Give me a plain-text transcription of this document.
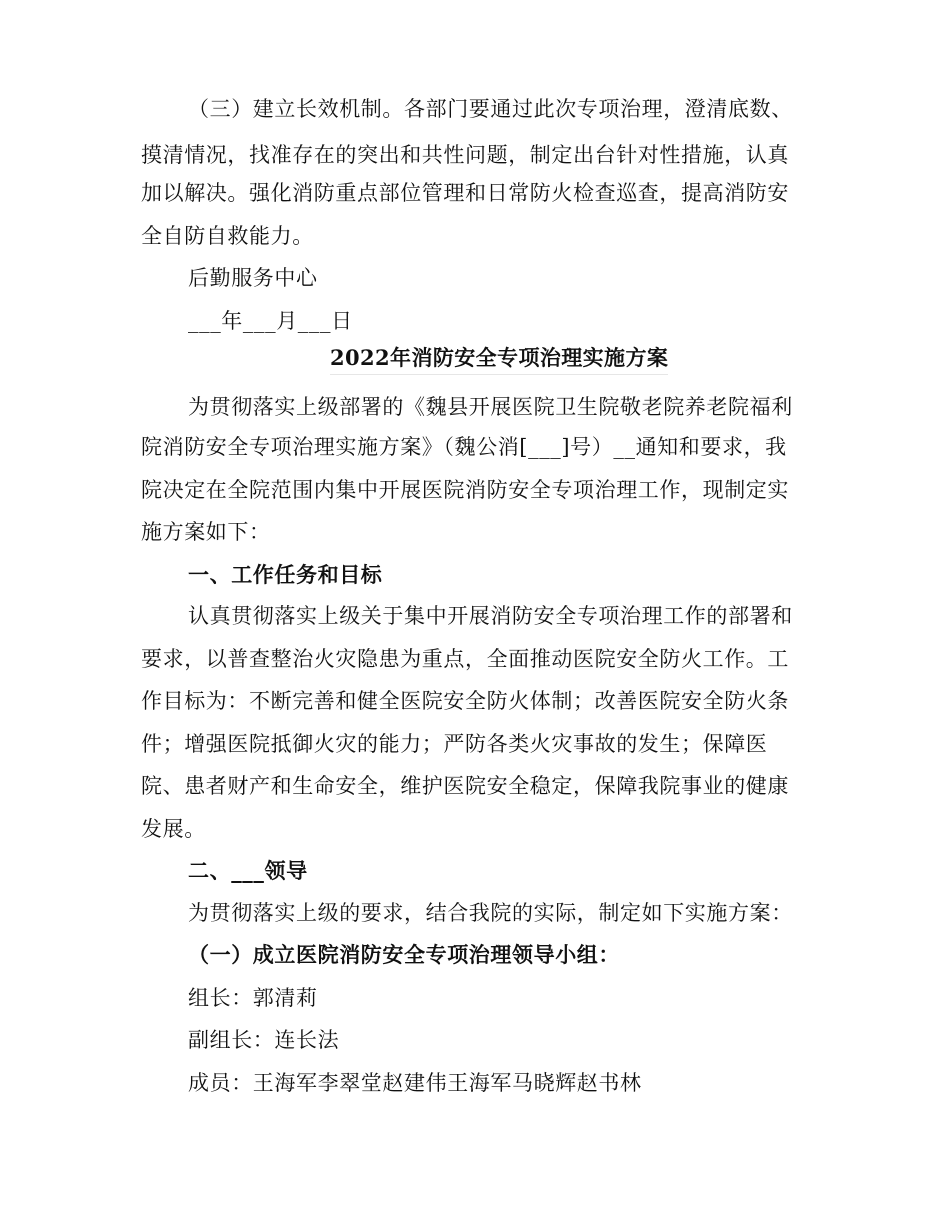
（三）建立长效机制。各部门要通过此次专项治理，澄清底数、
摸清情况，找准存在的突出和共性问题，制定出台针对性措施，认真
加以解决。强化消防重点部位管理和日常防火检查巡查，提高消防安
全自防自救能力。
后勤服务中心
___年___月___日
2022年消防安全专项治理实施方案
为贯彻落实上级部署的《魏县开展医院卫生院敬老院养老院福利
院消防安全专项治理实施方案》（魏公消[___]号）__通知和要求，我
院决定在全院范围内集中开展医院消防安全专项治理工作，现制定实
施方案如下：
一、工作任务和目标
认真贯彻落实上级关于集中开展消防安全专项治理工作的部署和
要求，以普查整治火灾隐患为重点，全面推动医院安全防火工作。工
作目标为：不断完善和健全医院安全防火体制；改善医院安全防火条
件；增强医院抵御火灾的能力；严防各类火灾事故的发生；保障医
院、患者财产和生命安全，维护医院安全稳定，保障我院事业的健康
发展。
二、___领导
为贯彻落实上级的要求，结合我院的实际，制定如下实施方案：
（一）成立医院消防安全专项治理领导小组：
组长：郭清莉
副组长：连长法
成员：王海军李翠堂赵建伟王海军马晓辉赵书林
